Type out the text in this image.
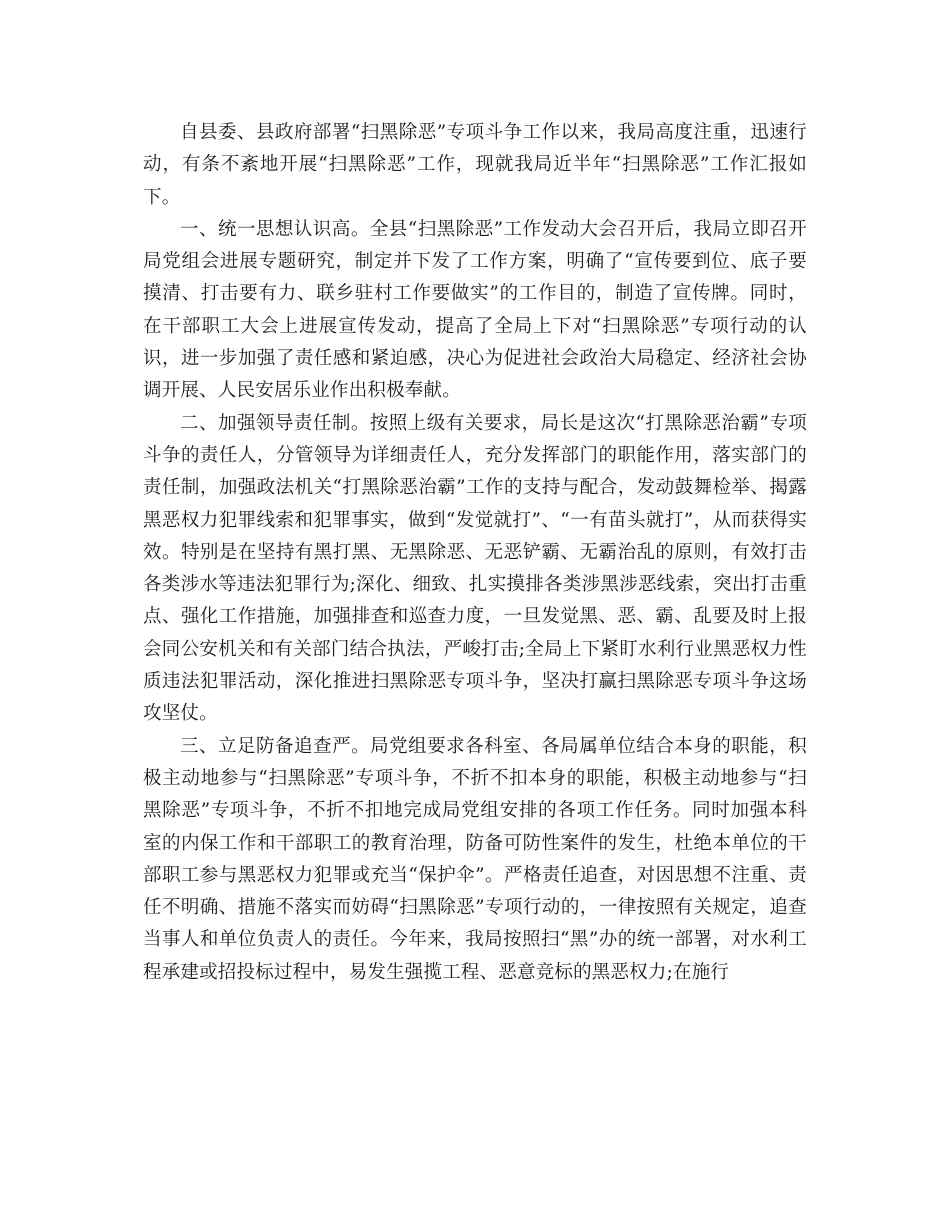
自县委、县政府部署“扫黑除恶”专项斗争工作以来，我局高度注重，迅速行动，有条不紊地开展“扫黑除恶”工作，现就我局近半年“扫黑除恶”工作汇报如下。

一、统一思想认识高。全县“扫黑除恶”工作发动大会召开后，我局立即召开局党组会进展专题研究，制定并下发了工作方案，明确了“宣传要到位、底子要摸清、打击要有力、联乡驻村工作要做实”的工作目的，制造了宣传牌。同时，在干部职工大会上进展宣传发动，提高了全局上下对“扫黑除恶”专项行动的认识，进一步加强了责任感和紧迫感，决心为促进社会政治大局稳定、经济社会协调开展、人民安居乐业作出积极奉献。

二、加强领导责任制。按照上级有关要求，局长是这次“打黑除恶治霸”专项斗争的责任人，分管领导为详细责任人，充分发挥部门的职能作用，落实部门的责任制，加强政法机关“打黑除恶治霸”工作的支持与配合，发动鼓舞检举、揭露黑恶权力犯罪线索和犯罪事实，做到“发觉就打”、“一有苗头就打”，从而获得实效。特别是在坚持有黑打黑、无黑除恶、无恶铲霸、无霸治乱的原则，有效打击各类涉水等违法犯罪行为;深化、细致、扎实摸排各类涉黑涉恶线索，突出打击重点、强化工作措施，加强排查和巡查力度，一旦发觉黑、恶、霸、乱要及时上报会同公安机关和有关部门结合执法，严峻打击;全局上下紧盯水利行业黑恶权力性质违法犯罪活动，深化推进扫黑除恶专项斗争，坚决打赢扫黑除恶专项斗争这场攻坚仗。

三、立足防备追查严。局党组要求各科室、各局属单位结合本身的职能，积极主动地参与“扫黑除恶”专项斗争，不折不扣本身的职能，积极主动地参与“扫黑除恶”专项斗争，不折不扣地完成局党组安排的各项工作任务。同时加强本科室的内保工作和干部职工的教育治理，防备可防性案件的发生，杜绝本单位的干部职工参与黑恶权力犯罪或充当“保护伞”。严格责任追查，对因思想不注重、责任不明确、措施不落实而妨碍“扫黑除恶”专项行动的，一律按照有关规定，追查当事人和单位负责人的责任。今年来，我局按照扫“黑”办的统一部署，对水利工程承建或招投标过程中，易发生强揽工程、恶意竞标的黑恶权力;在施行
